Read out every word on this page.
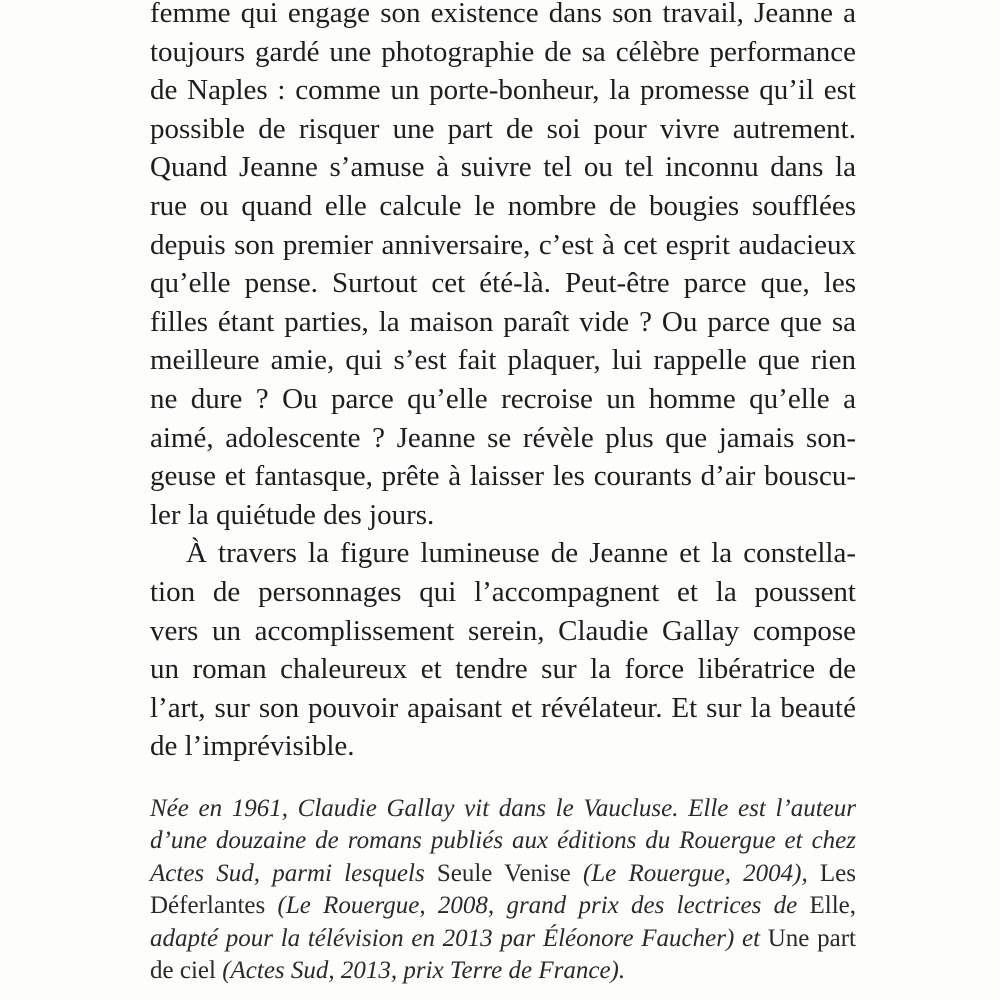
femme qui engage son existence dans son travail, Jeanne a
toujours gardé une photographie de sa célèbre performance
de Naples : comme un porte-bonheur, la promesse qu’il est
possible de risquer une part de soi pour vivre autrement.
Quand Jeanne s’amuse à suivre tel ou tel inconnu dans la
rue ou quand elle calcule le nombre de bougies soufflées
depuis son premier anniversaire, c’est à cet esprit audacieux
qu’elle pense. Surtout cet été-là. Peut-être parce que, les
filles étant parties, la maison paraît vide ? Ou parce que sa
meilleure amie, qui s’est fait plaquer, lui rappelle que rien
ne dure ? Ou parce qu’elle recroise un homme qu’elle a
aimé, adolescente ? Jeanne se révèle plus que jamais son-
geuse et fantasque, prête à laisser les courants d’air bouscu-
ler la quiétude des jours.
À travers la figure lumineuse de Jeanne et la constella-
tion de personnages qui l’accompagnent et la poussent
vers un accomplissement serein, Claudie Gallay compose
un roman chaleureux et tendre sur la force libératrice de
l’art, sur son pouvoir apaisant et révélateur. Et sur la beauté
de l’imprévisible.
Née en 1961, Claudie Gallay vit dans le Vaucluse. Elle est l’auteur
d’une douzaine de romans publiés aux éditions du Rouergue et chez
Actes Sud, parmi lesquels Seule Venise (Le Rouergue, 2004), Les
Déferlantes (Le Rouergue, 2008, grand prix des lectrices de Elle,
adapté pour la télévision en 2013 par Éléonore Faucher) et Une part
de ciel (Actes Sud, 2013, prix Terre de France).
